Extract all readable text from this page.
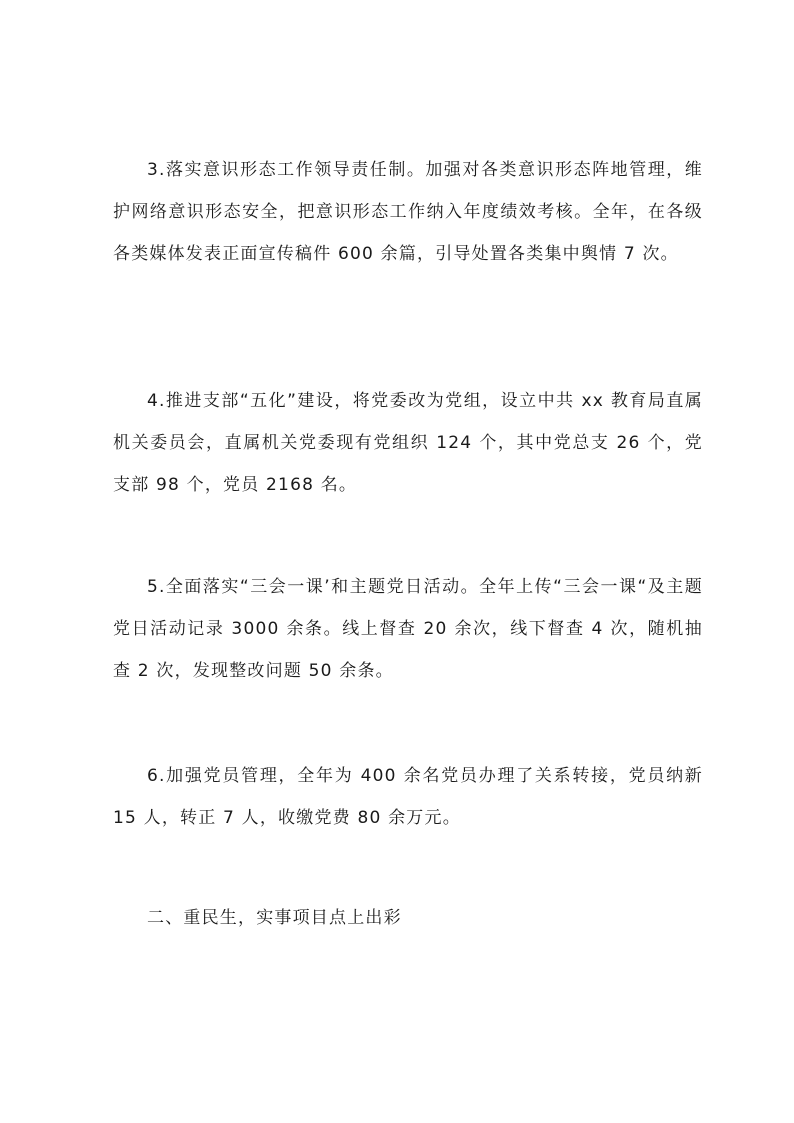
3.落实意识形态工作领导责任制。加强对各类意识形态阵地管理，维护网络意识形态安全，把意识形态工作纳入年度绩效考核。全年，在各级各类媒体发表正面宣传稿件 600 余篇，引导处置各类集中舆情 7 次。

4.推进支部“五化”建设，将党委改为党组，设立中共 xx 教育局直属机关委员会，直属机关党委现有党组织 124 个，其中党总支 26 个，党支部 98 个，党员 2168 名。

5.全面落实“三会一课’和主题党日活动。全年上传“三会一课“及主题党日活动记录 3000 余条。线上督查 20 余次，线下督查 4 次，随机抽查 2 次，发现整改问题 50 余条。

6.加强党员管理，全年为 400 余名党员办理了关系转接，党员纳新 15 人，转正 7 人，收缴党费 80 余万元。

二、重民生，实事项目点上出彩
